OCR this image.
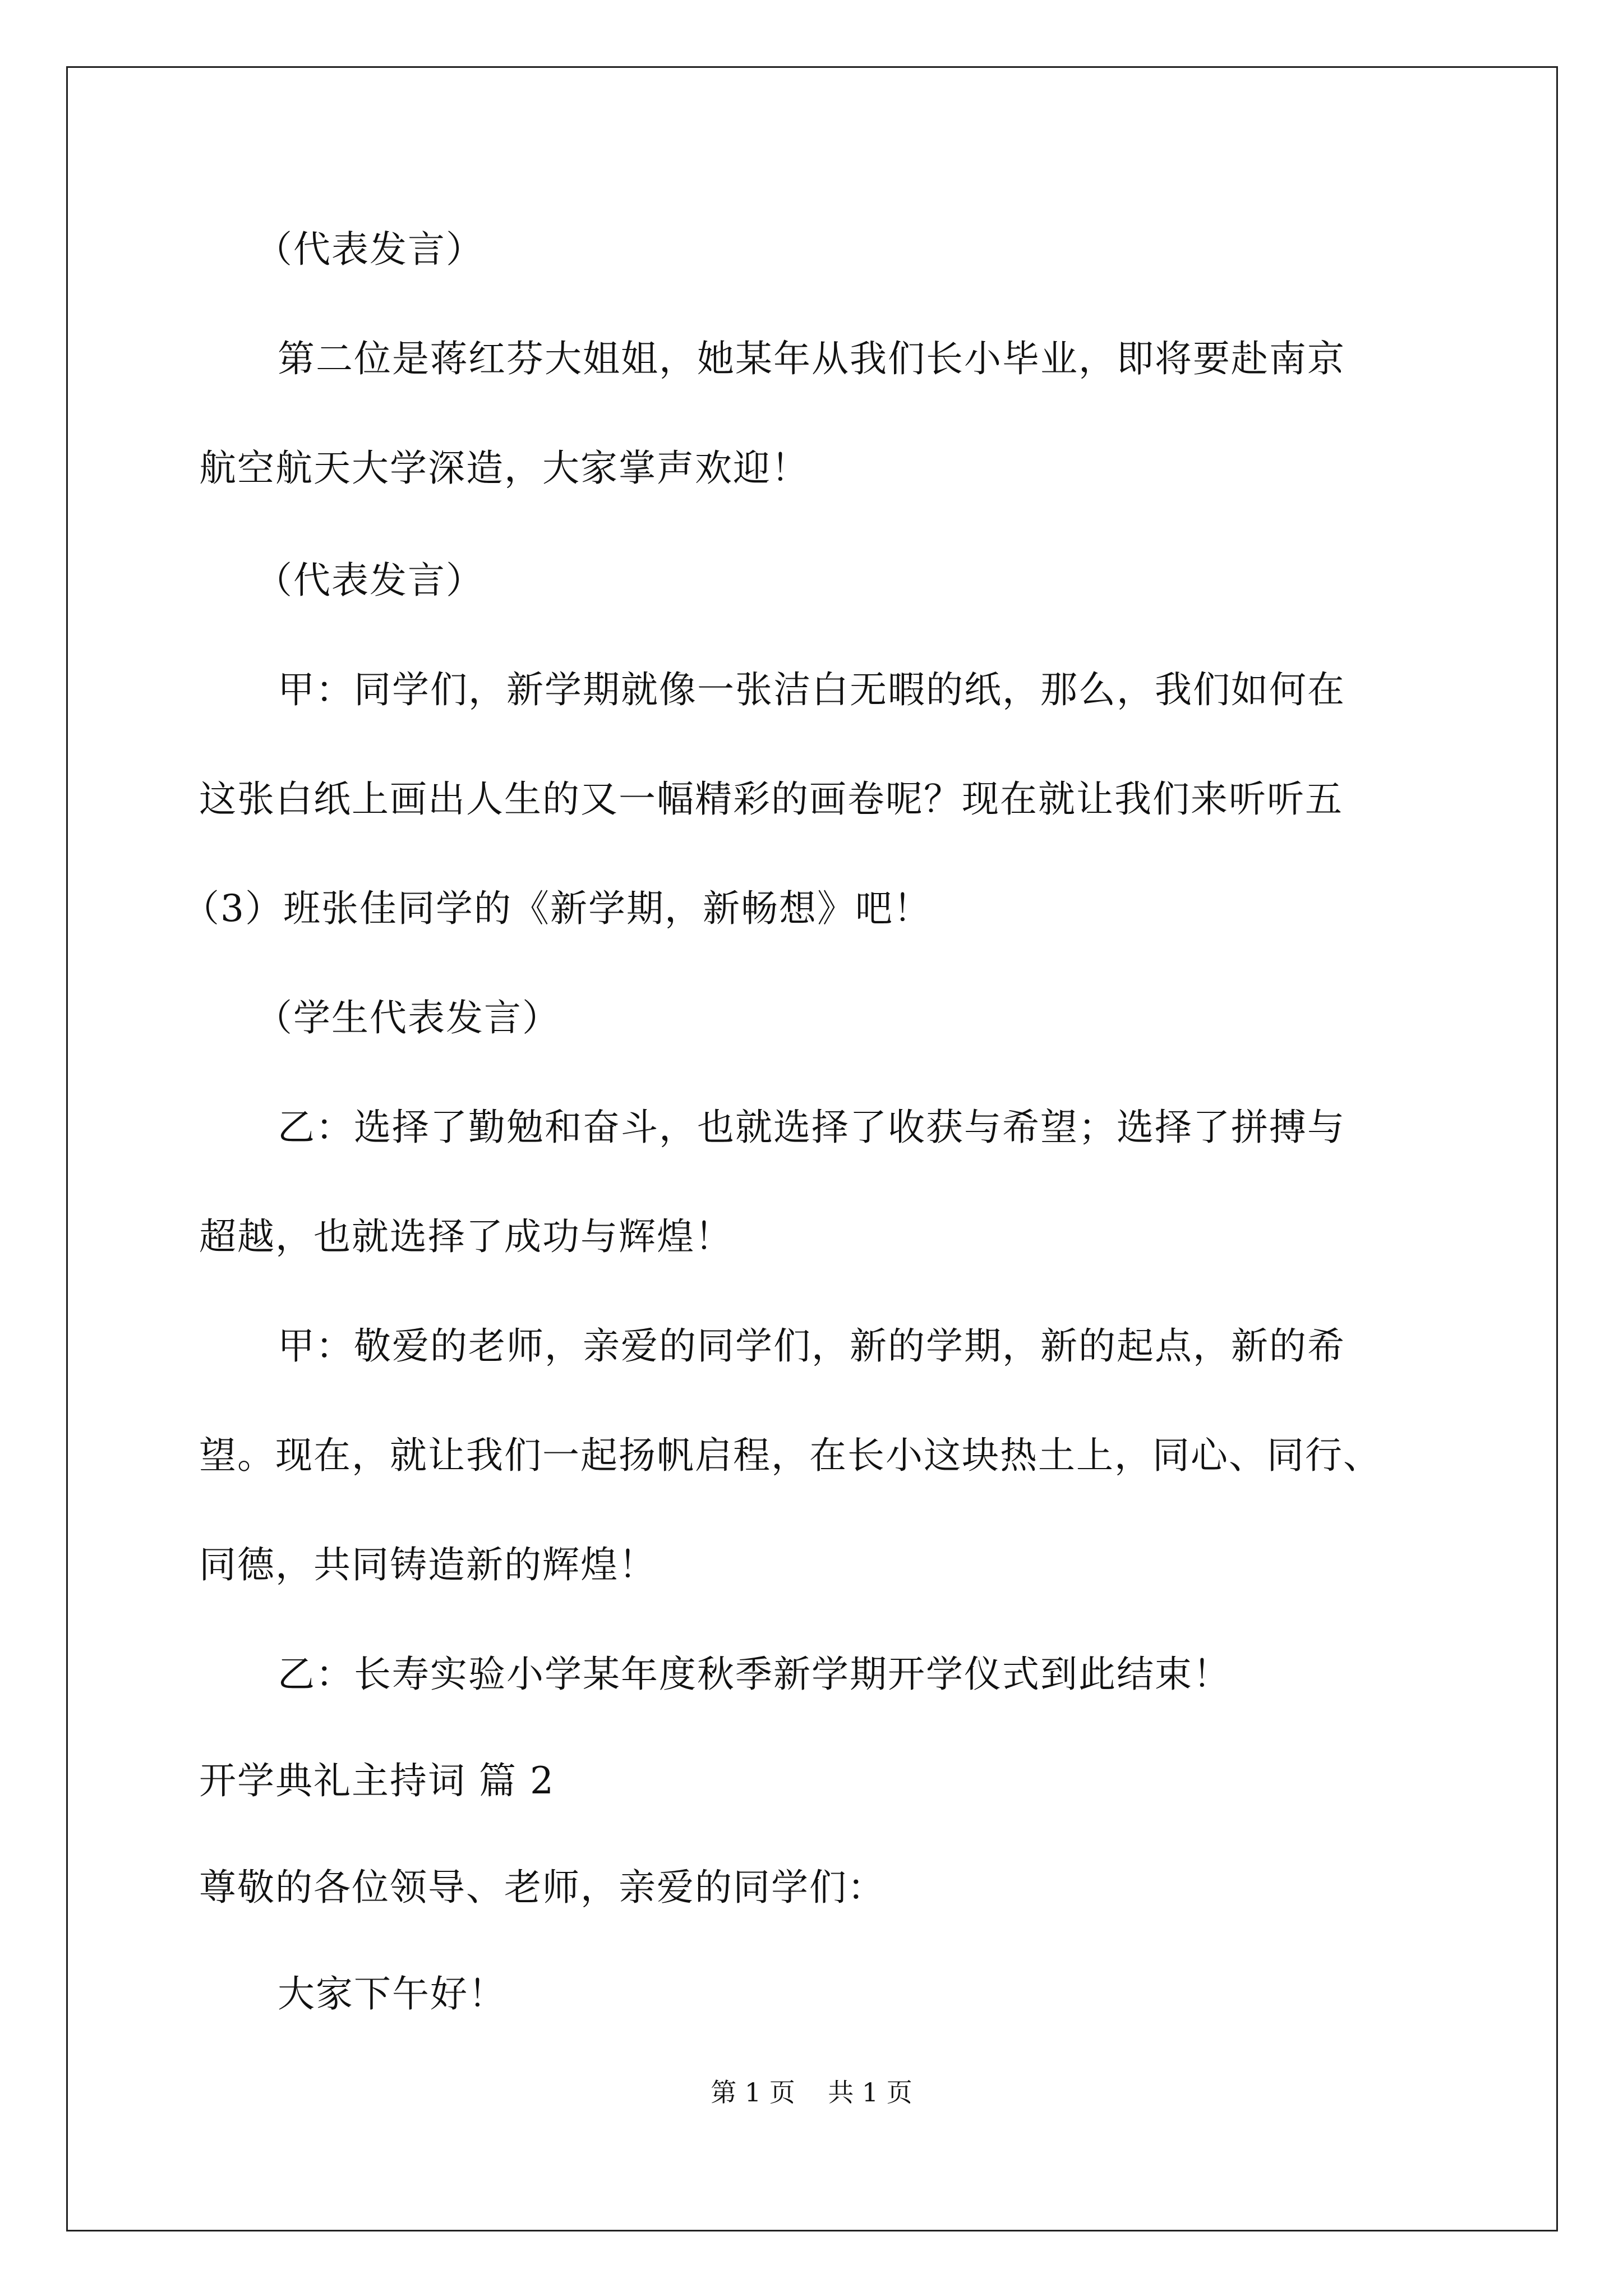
（代表发言）
第二位是蒋红芬大姐姐，她某年从我们长小毕业，即将要赴南京
航空航天大学深造，大家掌声欢迎！
（代表发言）
甲：同学们，新学期就像一张洁白无暇的纸，那么，我们如何在
这张白纸上画出人生的又一幅精彩的画卷呢？现在就让我们来听听五
（3）班张佳同学的《新学期，新畅想》吧！
（学生代表发言）
乙：选择了勤勉和奋斗，也就选择了收获与希望；选择了拼搏与
超越，也就选择了成功与辉煌！
甲：敬爱的老师，亲爱的同学们，新的学期，新的起点，新的希
望。现在，就让我们一起扬帆启程，在长小这块热土上，同心、同行、
同德，共同铸造新的辉煌！
乙：长寿实验小学某年度秋季新学期开学仪式到此结束！
开学典礼主持词 篇 2
尊敬的各位领导、老师，亲爱的同学们：
大家下午好！
第 1 页    共 1 页
